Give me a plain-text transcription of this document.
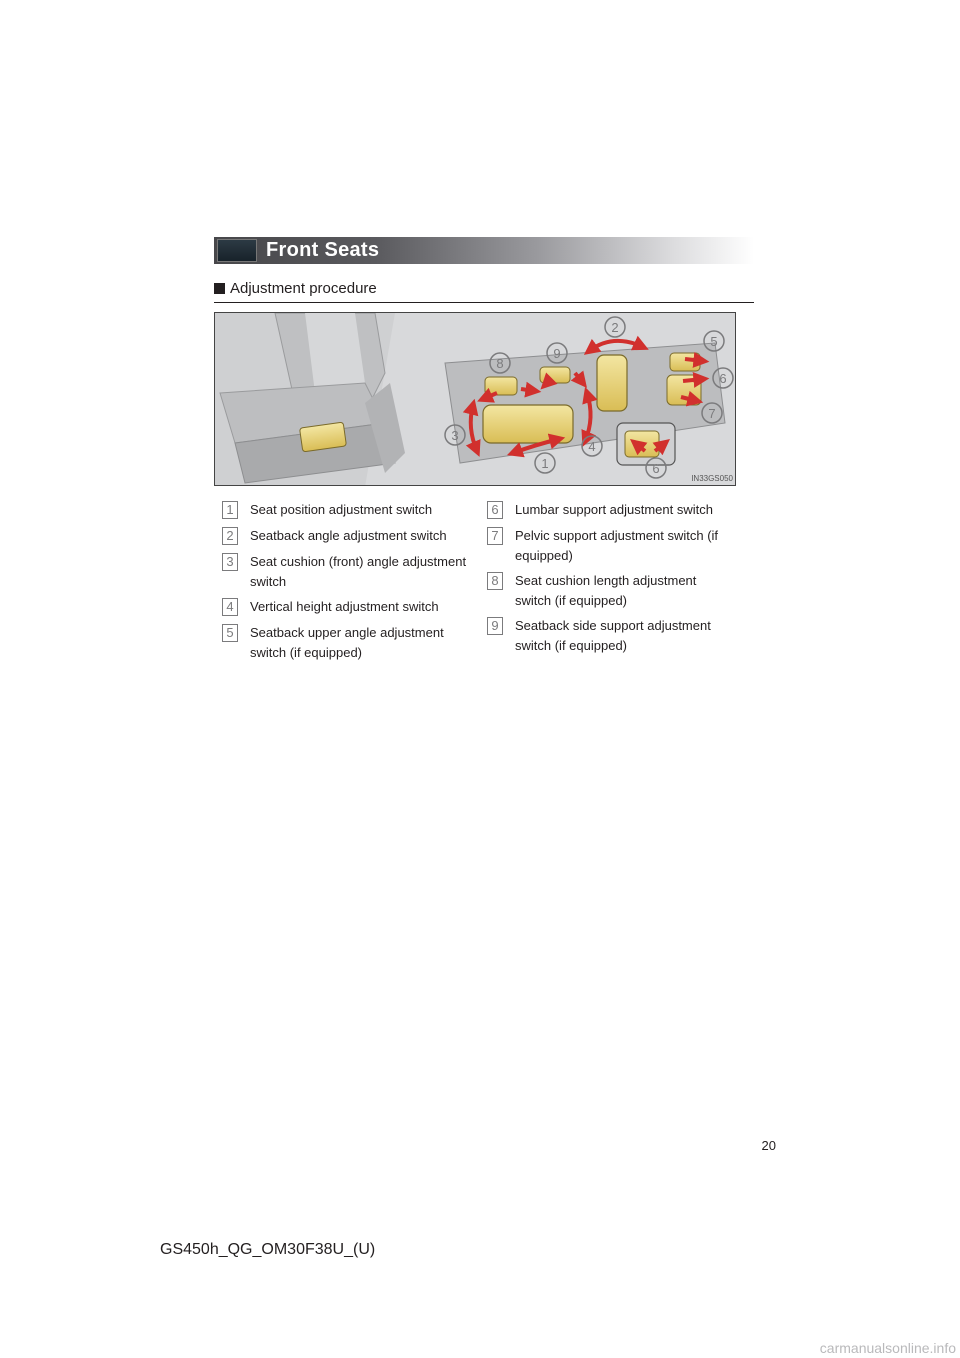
Front Seats
Adjustment procedure
1
2
3
4
5
6
6
7
8
9
IN33GS050
1	Seat position adjustment switch
2	Seatback angle adjustment switch
3	Seat cushion (front) angle adjustment switch
4	Vertical height adjustment switch
5	Seatback upper angle adjustment switch (if equipped)
6	Lumbar support adjustment switch
7	Pelvic support adjustment switch (if equipped)
8	Seat cushion length adjustment switch (if equipped)
9	Seatback side support adjustment switch (if equipped)
20
GS450h_QG_OM30F38U_(U)
carmanualsonline.info
